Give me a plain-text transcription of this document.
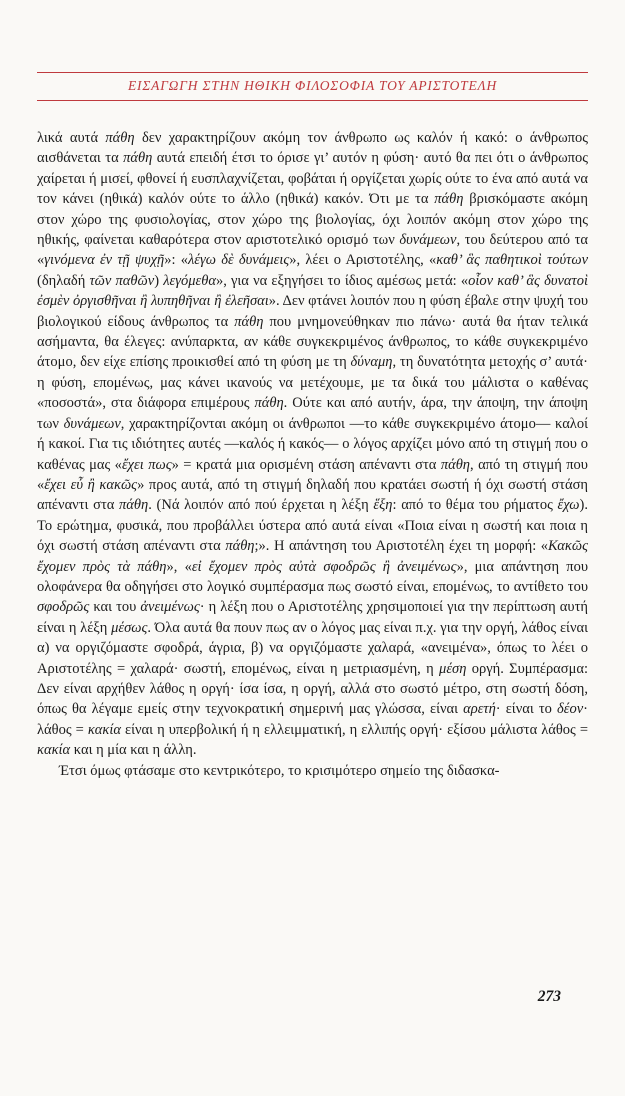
ΕΙΣΑΓΩΓΗ ΣΤΗΝ ΗΘΙΚΗ ΦΙΛΟΣΟΦΙΑ ΤΟΥ ΑΡΙΣΤΟΤΕΛΗ

λικά αυτά πάθη δεν χαρακτηρίζουν ακόμη τον άνθρωπο ως καλόν ή κακό: ο άνθρωπος αισθάνεται τα πάθη αυτά επειδή έτσι το όρισε γι’ αυτόν η φύση· αυτό θα πει ότι ο άνθρωπος χαίρεται ή μισεί, φθονεί ή ευσπλαχνίζεται, φοβάται ή οργίζεται χωρίς ούτε το ένα από αυτά να τον κάνει (ηθικά) καλόν ούτε το άλλο (ηθικά) κακόν. Ότι με τα πάθη βρισκόμαστε ακόμη στον χώρο της φυσιολογίας, στον χώρο της βιολογίας, όχι λοιπόν ακόμη στον χώρο της ηθικής, φαίνεται καθαρότερα στον αριστοτελικό ορισμό των δυνάμεων, του δεύτερου από τα «γινόμενα ἐν τῇ ψυχῇ»: «λέγω δὲ δυνάμεις», λέει ο Αριστοτέλης, «καθ’ ἃς παθητικοὶ τούτων (δηλαδή τῶν παθῶν) λεγόμεθα», για να εξηγήσει το ίδιος αμέσως μετά: «οἷον καθ’ ἃς δυνατοὶ ἐσμὲν ὀργισθῆναι ἢ λυπηθῆναι ἢ ἐλεῆσαι». Δεν φτάνει λοιπόν που η φύση έβαλε στην ψυχή του βιολογικού είδους άνθρωπος τα πάθη που μνημονεύθηκαν πιο πάνω· αυτά θα ήταν τελικά ασήμαντα, θα έλεγες: ανύπαρκτα, αν κάθε συγκεκριμένος άνθρωπος, το κάθε συγκεκριμένο άτομο, δεν είχε επίσης προικισθεί από τη φύση με τη δύναμη, τη δυνατότητα μετοχής σ’ αυτά· η φύση, επομένως, μας κάνει ικανούς να μετέχουμε, με τα δικά του μάλιστα ο καθένας «ποσοστά», στα διάφορα επιμέρους πάθη. Ούτε και από αυτήν, άρα, την άποψη, την άποψη των δυνάμεων, χαρακτηρίζονται ακόμη οι άνθρωποι —το κάθε συγκεκριμένο άτομο— καλοί ή κακοί. Για τις ιδιότητες αυτές —καλός ή κακός— ο λόγος αρχίζει μόνο από τη στιγμή που ο καθένας μας «ἔχει πως» = κρατά μια ορισμένη στάση απέναντι στα πάθη, από τη στιγμή που «ἔχει εὖ ἢ κακῶς» προς αυτά, από τη στιγμή δηλαδή που κρατάει σωστή ή όχι σωστή στάση απέναντι στα πάθη. (Νά λοιπόν από πού έρχεται η λέξη ἕξη: από το θέμα του ρήματος ἔχω). Το ερώτημα, φυσικά, που προβάλλει ύστερα από αυτά είναι «Ποια είναι η σωστή και ποια η όχι σωστή στάση απέναντι στα πάθη;». Η απάντηση του Αριστοτέλη έχει τη μορφή: «Κακῶς ἔχομεν πρὸς τὰ πάθη», «εἰ ἔχομεν πρὸς αὐτὰ σφοδρῶς ἢ ἀνειμένως», μια απάντηση που ολοφάνερα θα οδηγήσει στο λογικό συμπέρασμα πως σωστό είναι, επομένως, το αντίθετο του σφοδρῶς και του ἀνειμένως· η λέξη που ο Αριστοτέλης χρησιμοποιεί για την περίπτωση αυτή είναι η λέξη μέσως. Όλα αυτά θα πουν πως αν ο λόγος μας είναι π.χ. για την οργή, λάθος είναι α) να οργιζόμαστε σφοδρά, άγρια, β) να οργιζόμαστε χαλαρά, «ανειμένα», όπως το λέει ο Αριστοτέλης = χαλαρά· σωστή, επομένως, είναι η μετριασμένη, η μέση οργή. Συμπέρασμα: Δεν είναι αρχήθεν λάθος η οργή· ίσα ίσα, η οργή, αλλά στο σωστό μέτρο, στη σωστή δόση, όπως θα λέγαμε εμείς στην τεχνοκρατική σημερινή μας γλώσσα, είναι αρετή· είναι το δέον· λάθος = κακία είναι η υπερβολική ή η ελλειμματική, η ελλιπής οργή· εξίσου μάλιστα λάθος = κακία και η μία και η άλλη.

Έτσι όμως φτάσαμε στο κεντρικότερο, το κρισιμότερο σημείο της διδασκα-

273
